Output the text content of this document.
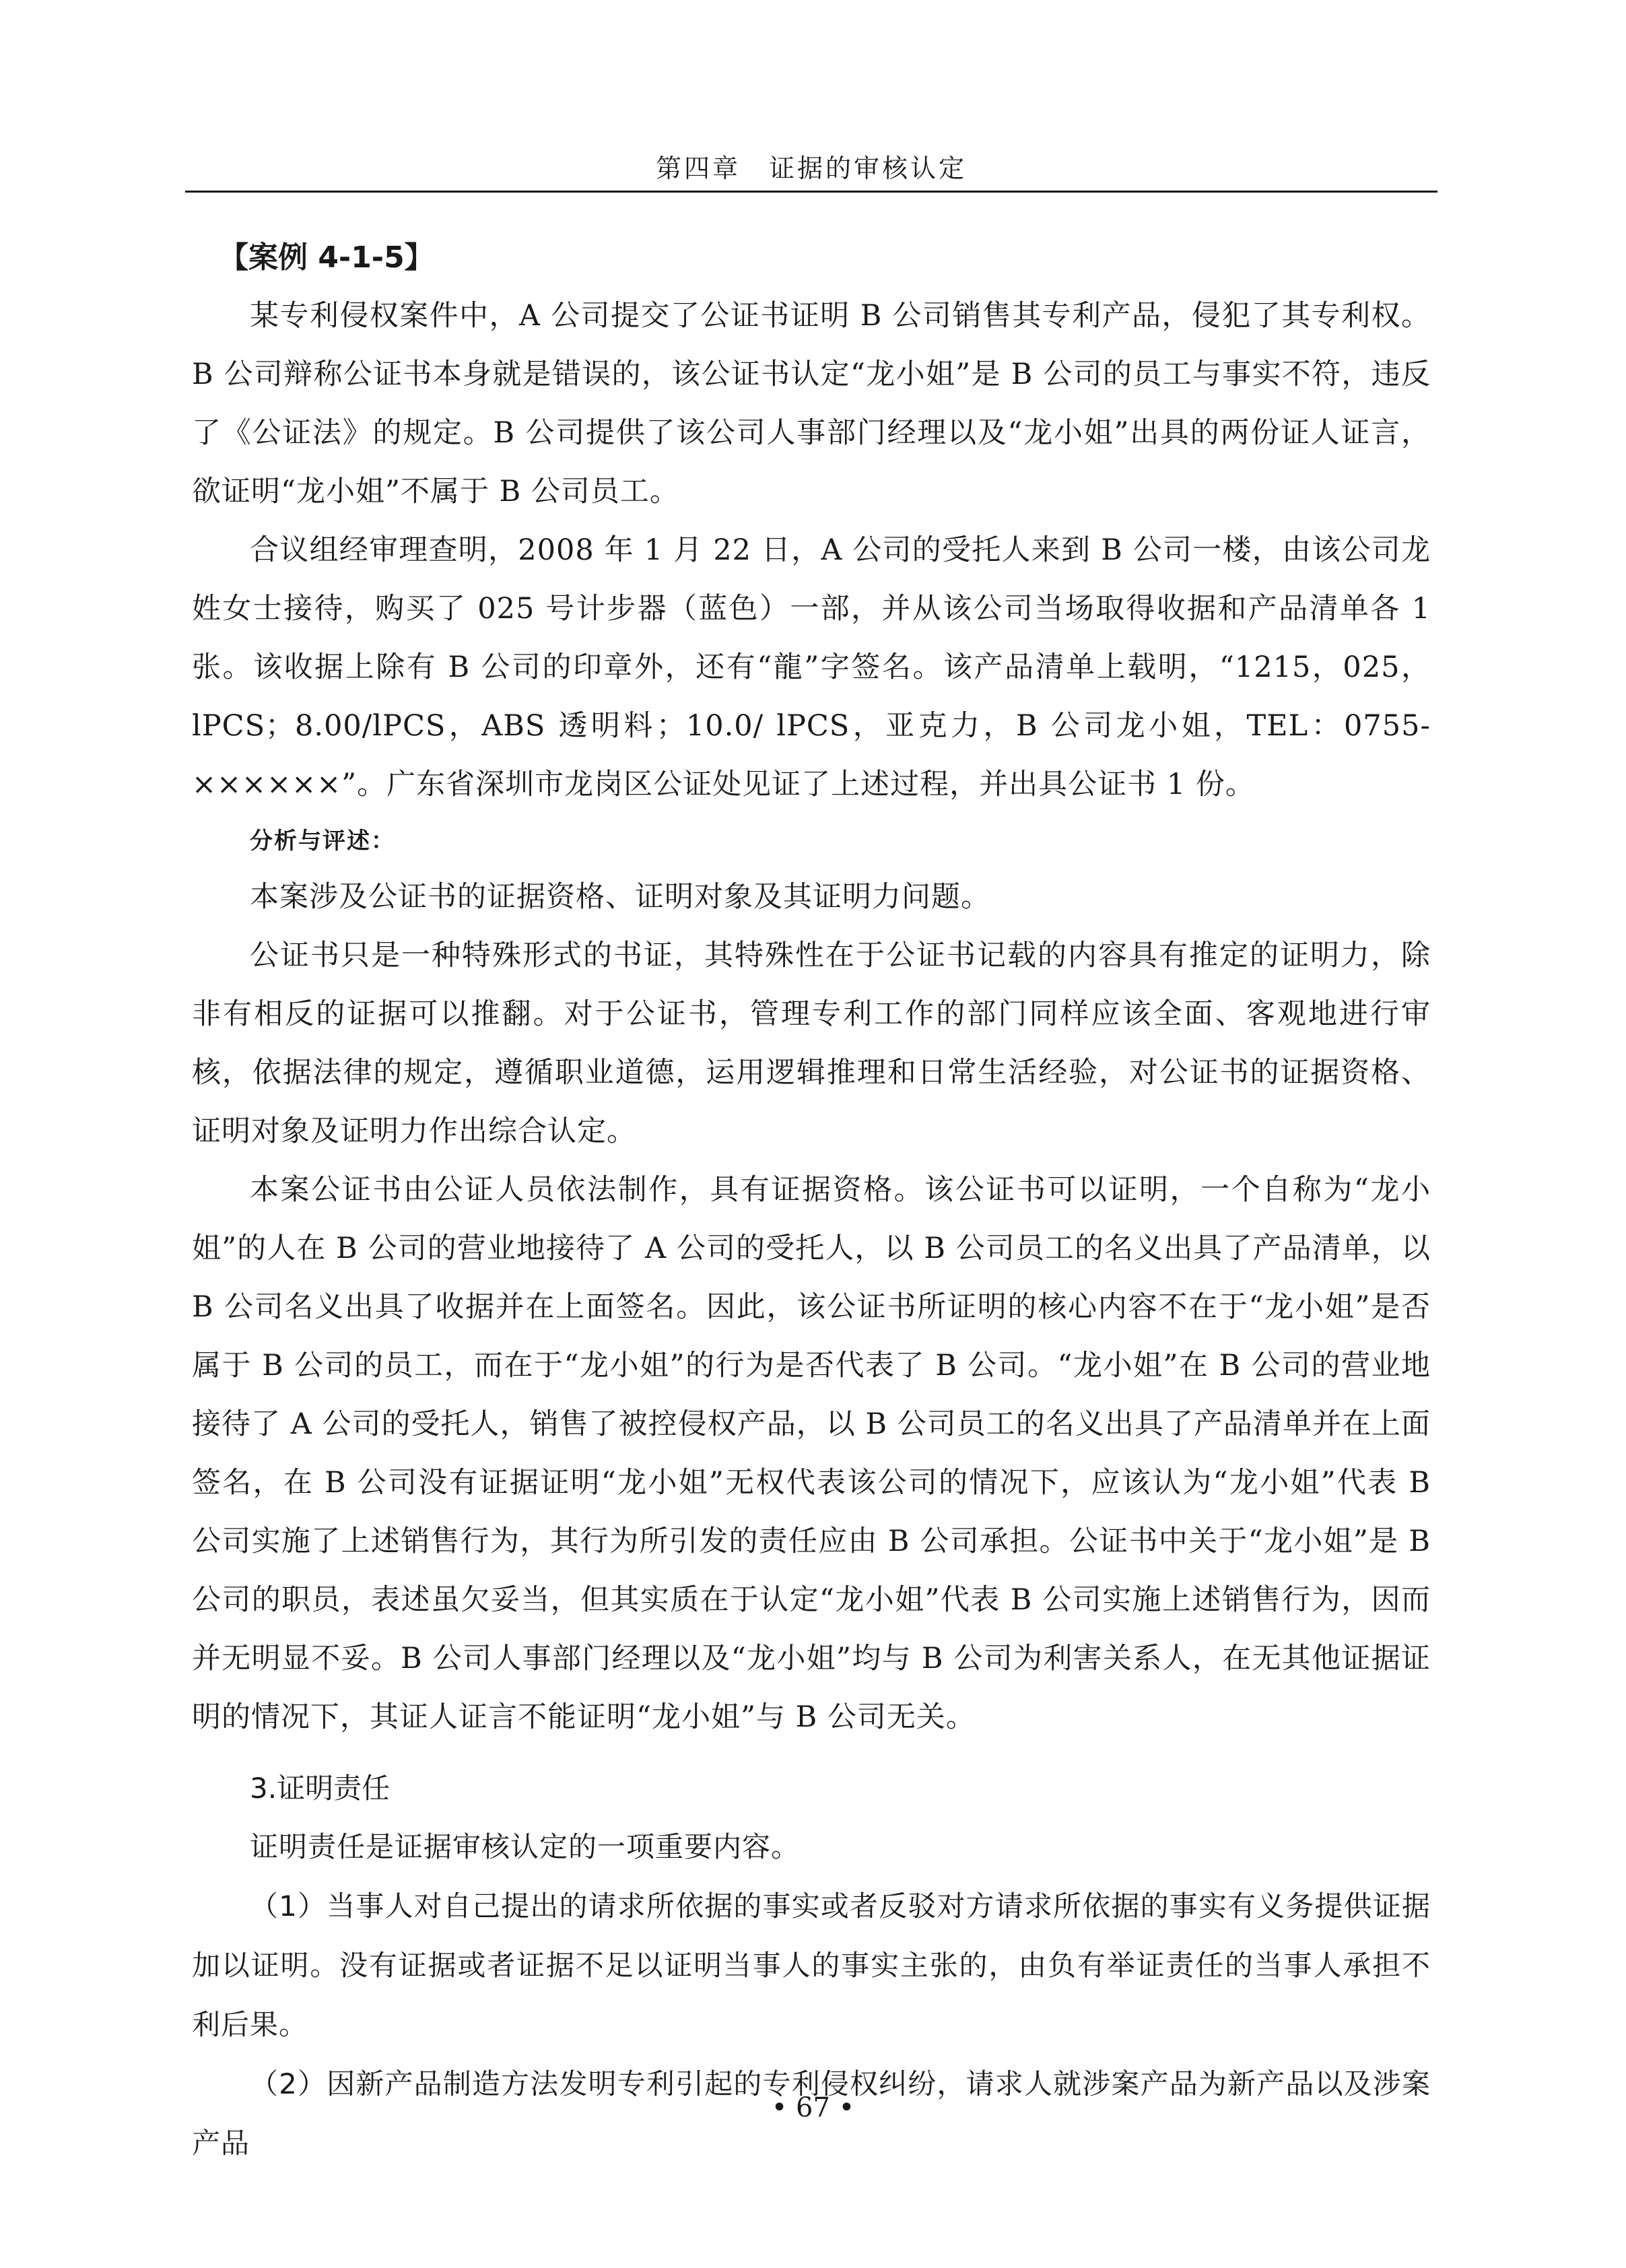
第四章　证据的审核认定
【案例 4-1-5】

某专利侵权案件中，A 公司提交了公证书证明 B 公司销售其专利产品，侵犯了其专利权。B 公司辩称公证书本身就是错误的，该公证书认定“龙小姐”是 B 公司的员工与事实不符，违反了《公证法》的规定。B 公司提供了该公司人事部门经理以及“龙小姐”出具的两份证人证言，欲证明“龙小姐”不属于 B 公司员工。

合议组经审理查明，2008 年 1 月 22 日，A 公司的受托人来到 B 公司一楼，由该公司龙姓女士接待，购买了 025 号计步器（蓝色）一部，并从该公司当场取得收据和产品清单各 1 张。该收据上除有 B 公司的印章外，还有“龍”字签名。该产品清单上载明，“1215，025，lPCS；8.00/lPCS，ABS 透明料；10.0/ lPCS，亚克力，B 公司龙小姐，TEL：0755-××××××”。广东省深圳市龙岗区公证处见证了上述过程，并出具公证书 1 份。

分析与评述：

本案涉及公证书的证据资格、证明对象及其证明力问题。

公证书只是一种特殊形式的书证，其特殊性在于公证书记载的内容具有推定的证明力，除非有相反的证据可以推翻。对于公证书，管理专利工作的部门同样应该全面、客观地进行审核，依据法律的规定，遵循职业道德，运用逻辑推理和日常生活经验，对公证书的证据资格、证明对象及证明力作出综合认定。

本案公证书由公证人员依法制作，具有证据资格。该公证书可以证明，一个自称为“龙小姐”的人在 B 公司的营业地接待了 A 公司的受托人，以 B 公司员工的名义出具了产品清单，以 B 公司名义出具了收据并在上面签名。因此，该公证书所证明的核心内容不在于“龙小姐”是否属于 B 公司的员工，而在于“龙小姐”的行为是否代表了 B 公司。“龙小姐”在 B 公司的营业地接待了 A 公司的受托人，销售了被控侵权产品，以 B 公司员工的名义出具了产品清单并在上面签名，在 B 公司没有证据证明“龙小姐”无权代表该公司的情况下，应该认为“龙小姐”代表 B 公司实施了上述销售行为，其行为所引发的责任应由 B 公司承担。公证书中关于“龙小姐”是 B 公司的职员，表述虽欠妥当，但其实质在于认定“龙小姐”代表 B 公司实施上述销售行为，因而并无明显不妥。B 公司人事部门经理以及“龙小姐”均与 B 公司为利害关系人，在无其他证据证明的情况下，其证人证言不能证明“龙小姐”与 B 公司无关。

3.证明责任

证明责任是证据审核认定的一项重要内容。

（1）当事人对自己提出的请求所依据的事实或者反驳对方请求所依据的事实有义务提供证据加以证明。没有证据或者证据不足以证明当事人的事实主张的，由负有举证责任的当事人承担不利后果。

（2）因新产品制造方法发明专利引起的专利侵权纠纷，请求人就涉案产品为新产品以及涉案产品

• 67 •
